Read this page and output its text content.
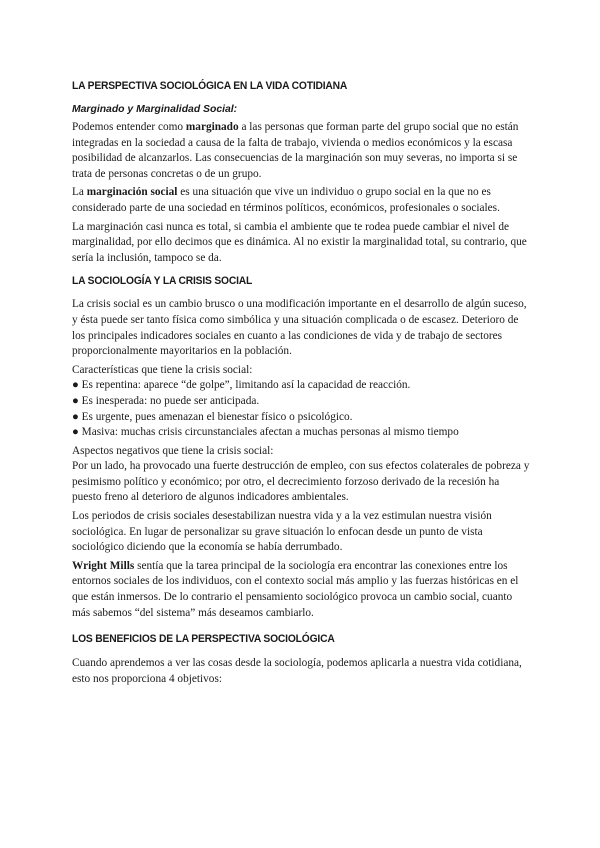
LA PERSPECTIVA SOCIOLÓGICA EN LA VIDA COTIDIANA
Marginado y Marginalidad Social:

Podemos entender como marginado a las personas que forman parte del grupo social que no están integradas en la sociedad a causa de la falta de trabajo, vivienda o medios económicos y la escasa posibilidad de alcanzarlos. Las consecuencias de la marginación son muy severas, no importa si se trata de personas concretas o de un grupo.

La marginación social es una situación que vive un individuo o grupo social en la que no es considerado parte de una sociedad en términos políticos, económicos, profesionales o sociales.

La marginación casi nunca es total, si cambia el ambiente que te rodea puede cambiar el nivel de marginalidad, por ello decimos que es dinámica. Al no existir la marginalidad total, su contrario, que sería la inclusión, tampoco se da.

LA SOCIOLOGÍA Y LA CRISIS SOCIAL

La crisis social es un cambio brusco o una modificación importante en el desarrollo de algún suceso, y ésta puede ser tanto física como simbólica y una situación complicada o de escasez. Deterioro de los principales indicadores sociales en cuanto a las condiciones de vida y de trabajo de sectores proporcionalmente mayoritarios en la población.

Características que tiene la crisis social:

● Es repentina: aparece “de golpe”, limitando así la capacidad de reacción.
● Es inesperada: no puede ser anticipada.
● Es urgente, pues amenazan el bienestar físico o psicológico.
● Masiva: muchas crisis circunstanciales afectan a muchas personas al mismo tiempo

Aspectos negativos que tiene la crisis social:

Por un lado, ha provocado una fuerte destrucción de empleo, con sus efectos colaterales de pobreza y pesimismo político y económico; por otro, el decrecimiento forzoso derivado de la recesión ha puesto freno al deterioro de algunos indicadores ambientales.

Los periodos de crisis sociales desestabilizan nuestra vida y a la vez estimulan nuestra visión sociológica. En lugar de personalizar su grave situación lo enfocan desde un punto de vista sociológico diciendo que la economía se había derrumbado.

Wright Mills sentía que la tarea principal de la sociología era encontrar las conexiones entre los entornos sociales de los individuos, con el contexto social más amplio y las fuerzas históricas en el que están inmersos. De lo contrario el pensamiento sociológico provoca un cambio social, cuanto más sabemos “del sistema” más deseamos cambiarlo.

LOS BENEFICIOS DE LA PERSPECTIVA SOCIOLÓGICA

Cuando aprendemos a ver las cosas desde la sociología, podemos aplicarla a nuestra vida cotidiana, esto nos proporciona 4 objetivos:
